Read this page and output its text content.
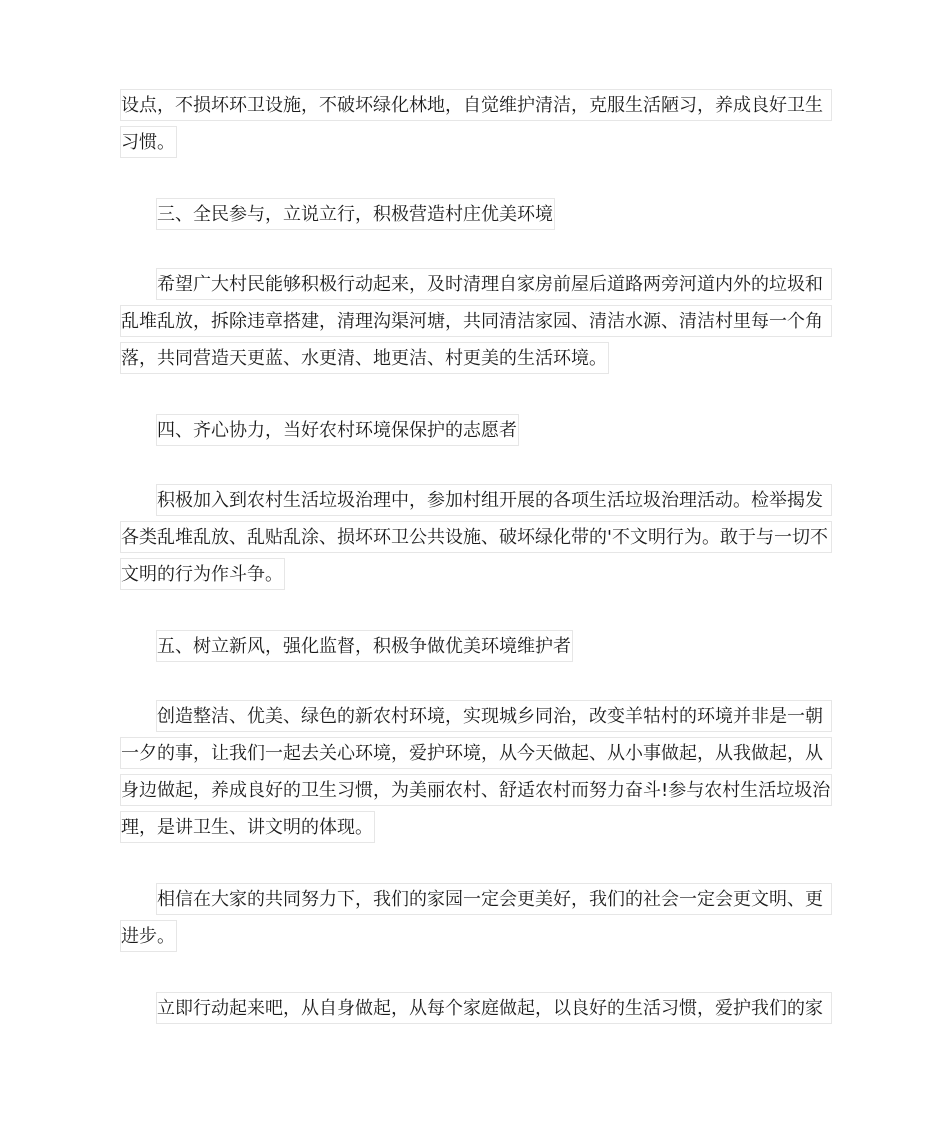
设点，不损坏环卫设施，不破坏绿化林地，自觉维护清洁，克服生活陋习，养成良好卫生
习惯。
三、全民参与，立说立行，积极营造村庄优美环境
希望广大村民能够积极行动起来，及时清理自家房前屋后道路两旁河道内外的垃圾和
乱堆乱放，拆除违章搭建，清理沟渠河塘，共同清洁家园、清洁水源、清洁村里每一个角
落，共同营造天更蓝、水更清、地更洁、村更美的生活环境。
四、齐心协力，当好农村环境保保护的志愿者
积极加入到农村生活垃圾治理中，参加村组开展的各项生活垃圾治理活动。检举揭发
各类乱堆乱放、乱贴乱涂、损坏环卫公共设施、破坏绿化带的'不文明行为。敢于与一切不
文明的行为作斗争。
五、树立新风，强化监督，积极争做优美环境维护者
创造整洁、优美、绿色的新农村环境，实现城乡同治，改变羊牯村的环境并非是一朝
一夕的事，让我们一起去关心环境，爱护环境，从今天做起、从小事做起，从我做起，从
身边做起，养成良好的卫生习惯，为美丽农村、舒适农村而努力奋斗!参与农村生活垃圾治
理，是讲卫生、讲文明的体现。
相信在大家的共同努力下，我们的家园一定会更美好，我们的社会一定会更文明、更
进步。
立即行动起来吧，从自身做起，从每个家庭做起，以良好的生活习惯，爱护我们的家
